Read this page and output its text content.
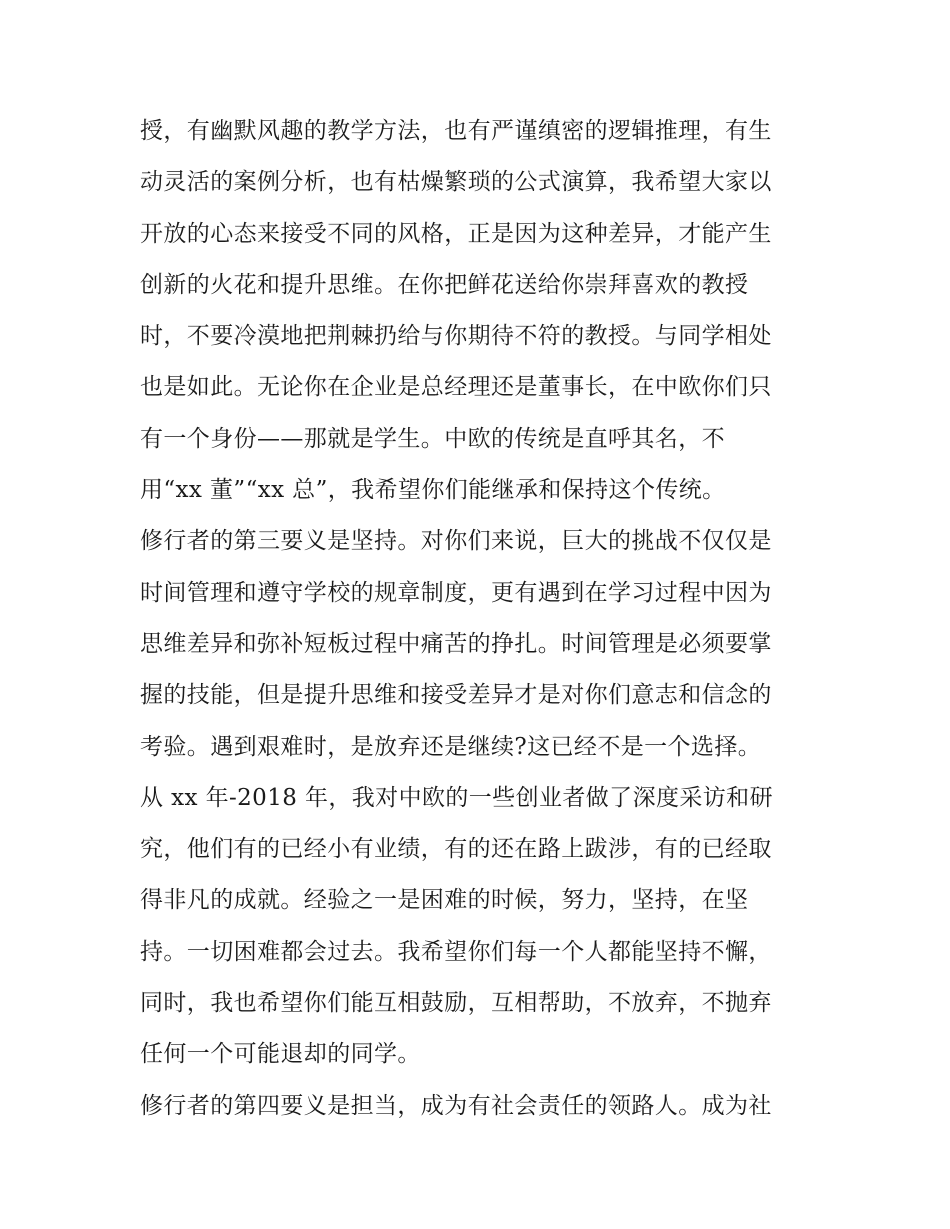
授，有幽默风趣的教学方法，也有严谨缜密的逻辑推理，有生
动灵活的案例分析，也有枯燥繁琐的公式演算，我希望大家以
开放的心态来接受不同的风格，正是因为这种差异，才能产生
创新的火花和提升思维。在你把鲜花送给你崇拜喜欢的教授
时，不要冷漠地把荆棘扔给与你期待不符的教授。与同学相处
也是如此。无论你在企业是总经理还是董事长，在中欧你们只
有一个身份——那就是学生。中欧的传统是直呼其名，不
用“xx 董”“xx 总”，我希望你们能继承和保持这个传统。
修行者的第三要义是坚持。对你们来说，巨大的挑战不仅仅是
时间管理和遵守学校的规章制度，更有遇到在学习过程中因为
思维差异和弥补短板过程中痛苦的挣扎。时间管理是必须要掌
握的技能，但是提升思维和接受差异才是对你们意志和信念的
考验。遇到艰难时，是放弃还是继续?这已经不是一个选择。
从 xx 年-2018 年，我对中欧的一些创业者做了深度采访和研
究，他们有的已经小有业绩，有的还在路上跋涉，有的已经取
得非凡的成就。经验之一是困难的时候，努力，坚持，在坚
持。一切困难都会过去。我希望你们每一个人都能坚持不懈，
同时，我也希望你们能互相鼓励，互相帮助，不放弃，不抛弃
任何一个可能退却的同学。
修行者的第四要义是担当，成为有社会责任的领路人。成为社
